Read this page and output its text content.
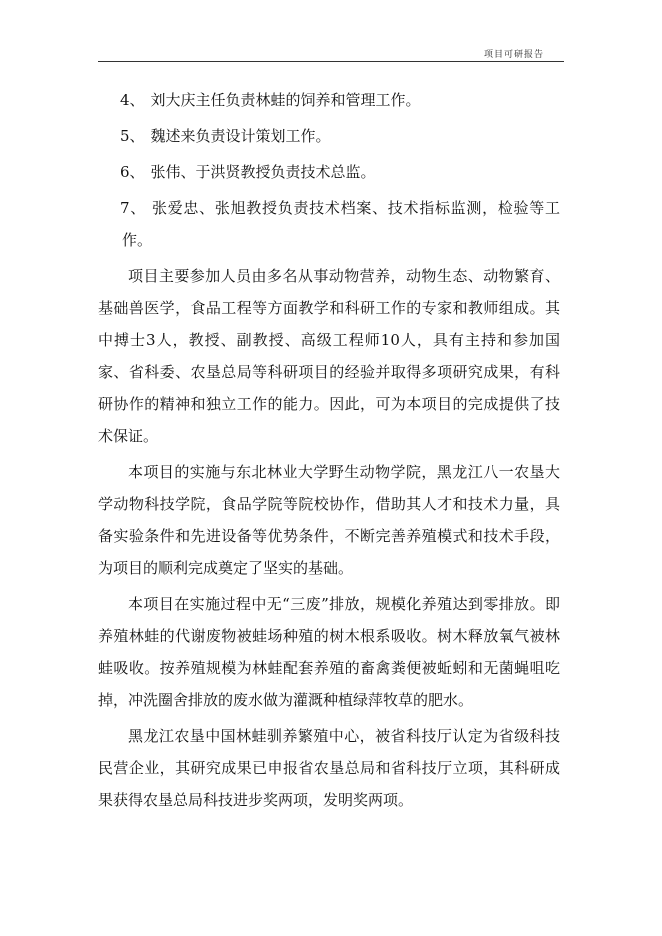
项目可研报告
4、 刘大庆主任负责林蛙的饲养和管理工作。
5、 魏述来负责设计策划工作。
6、 张伟、于洪贤教授负责技术总监。
7、 张爱忠、张旭教授负责技术档案、技术指标监测，检验等工作。

项目主要参加人员由多名从事动物营养，动物生态、动物繁育、基础兽医学，食品工程等方面教学和科研工作的专家和教师组成。其中搏士3人，教授、副教授、高级工程师10人，具有主持和参加国家、省科委、农垦总局等科研项目的经验并取得多项研究成果，有科研协作的精神和独立工作的能力。因此，可为本项目的完成提供了技术保证。

本项目的实施与东北林业大学野生动物学院，黑龙江八一农垦大学动物科技学院，食品学院等院校协作，借助其人才和技术力量，具备实验条件和先进设备等优势条件，不断完善养殖模式和技术手段，为项目的顺利完成奠定了坚实的基础。

本项目在实施过程中无“三废”排放，规模化养殖达到零排放。即养殖林蛙的代谢废物被蛙场种殖的树木根系吸收。树木释放氧气被林蛙吸收。按养殖规模为林蛙配套养殖的畜禽粪便被蚯蚓和无菌蝇咀吃掉，冲洗圈舍排放的废水做为灌溉种植绿萍牧草的肥水。

黑龙江农垦中国林蛙驯养繁殖中心，被省科技厅认定为省级科技民营企业，其研究成果已申报省农垦总局和省科技厅立项，其科研成果获得农垦总局科技进步奖两项，发明奖两项。
